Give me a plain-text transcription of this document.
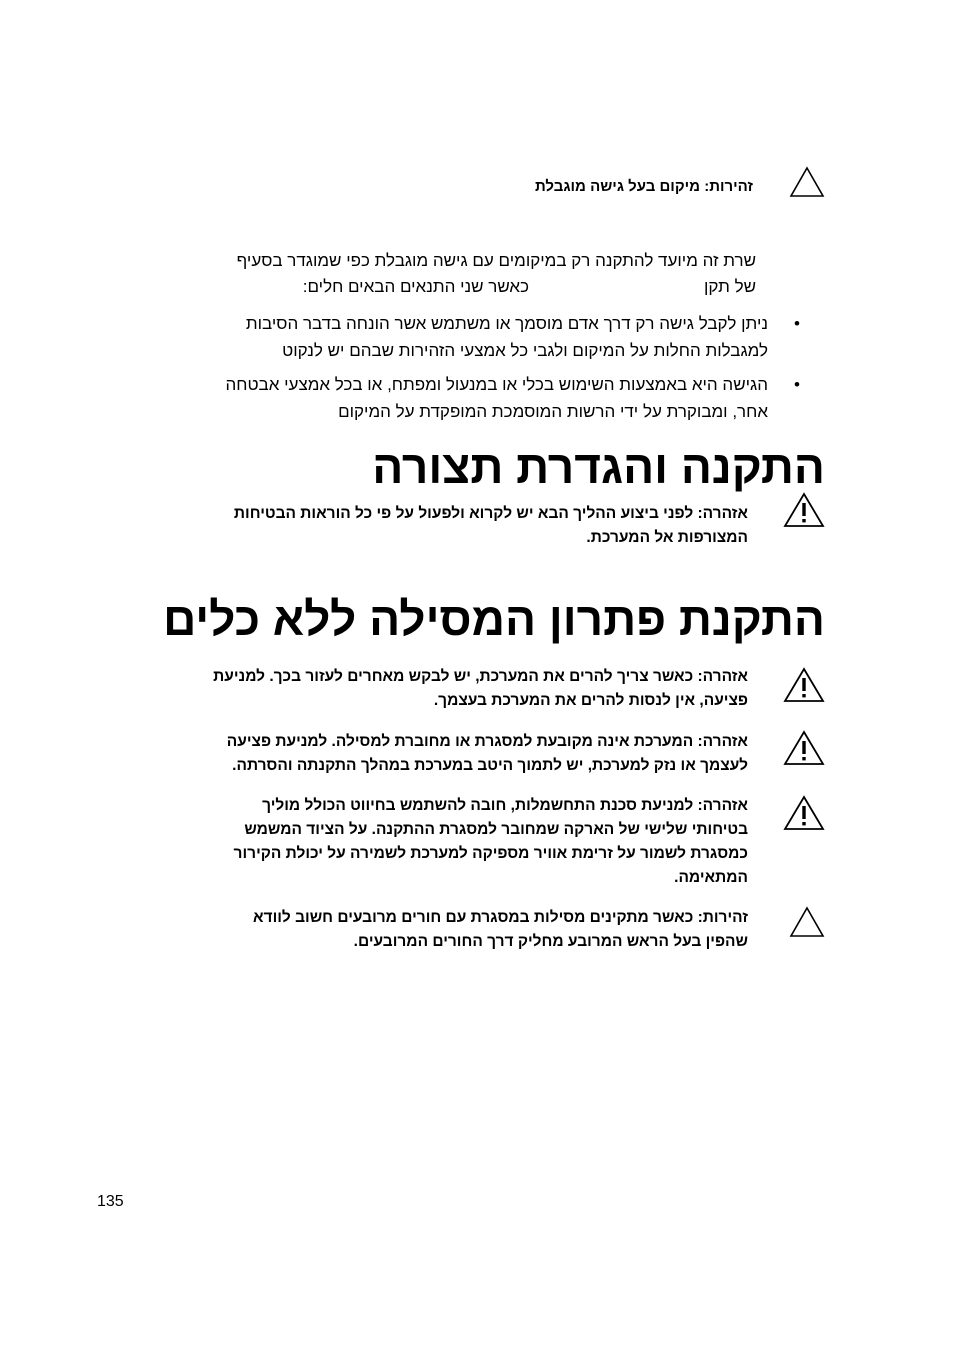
זהירות: מיקום בעל גישה מוגבלת
שרת זה מיועד להתקנה רק במיקומים עם גישה מוגבלת כפי שמוגדר בסעיף
של תקןכאשר שני התנאים הבאים חלים:
•
ניתן לקבל גישה רק דרך אדם מוסמך או משתמש אשר הונחה בדבר הסיבות
למגבלות החלות על המיקום ולגבי כל אמצעי הזהירות שבהם יש לנקוט
•
הגישה היא באמצעות השימוש בכלי או במנעול ומפתח, או בכל אמצעי אבטחה
אחר, ומבוקרת על ידי הרשות המוסמכת המופקדת על המיקום
התקנה והגדרת תצורה
אזהרה: לפני ביצוע ההליך הבא יש לקרוא ולפעול על פי כל הוראות הבטיחות
המצורפות אל המערכת.
התקנת פתרון המסילה ללא כלים
אזהרה: כאשר צריך להרים את המערכת, יש לבקש מאחרים לעזור בכך. למניעת
פציעה, אין לנסות להרים את המערכת בעצמך.
אזהרה: המערכת אינה מקובעת למסגרת או מחוברת למסילה. למניעת פציעה
לעצמך או נזק למערכת, יש לתמוך היטב במערכת במהלך התקנתה והסרתה.
אזהרה: למניעת סכנת התחשמלות, חובה להשתמש בחיווט הכולל מוליך
בטיחותי שלישי של הארקה שמחובר למסגרת ההתקנה. על הציוד המשמש
כמסגרת לשמור על זרימת אוויר מספיקה למערכת לשמירה על יכולת הקירור
המתאימה.
זהירות: כאשר מתקינים מסילות במסגרת עם חורים מרובעים חשוב לוודא
שהפין בעל הראש המרובע מחליק דרך החורים המרובעים.
135
